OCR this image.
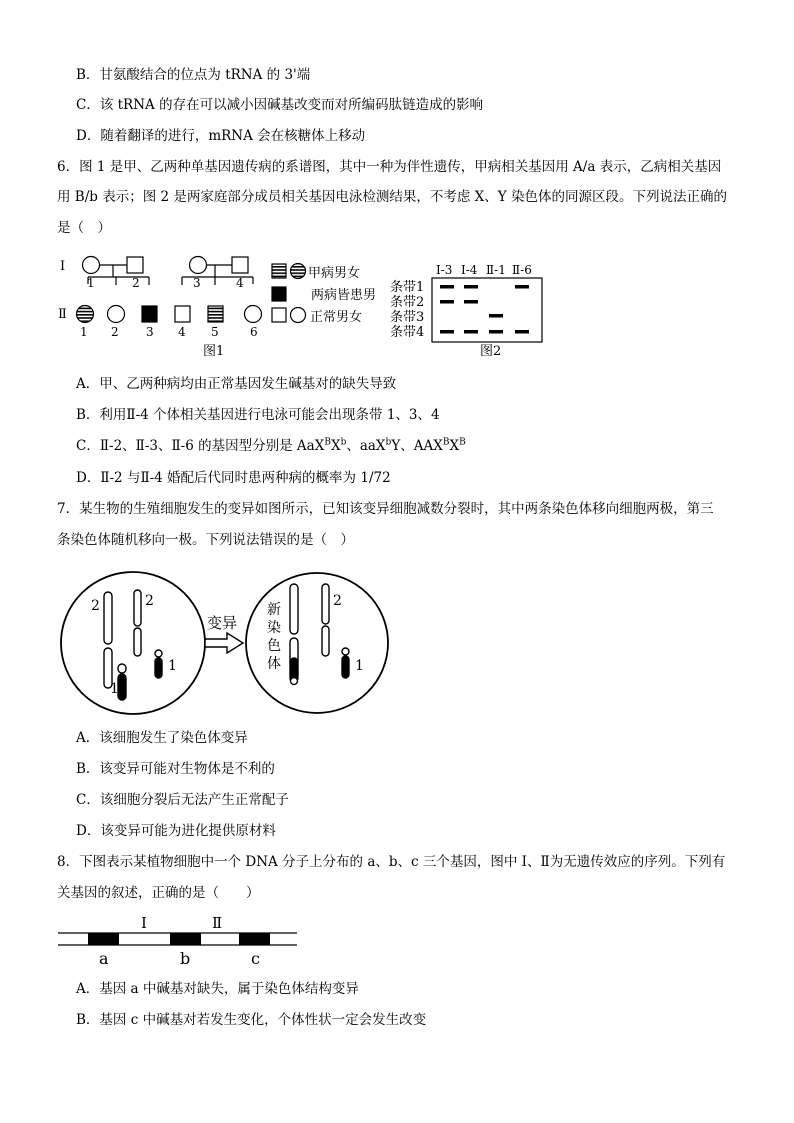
B．甘氨酸结合的位点为 tRNA 的 3'端
C．该 tRNA 的存在可以减小因碱基改变而对所编码肽链造成的影响
D．随着翻译的进行，mRNA 会在核糖体上移动
6．图 1 是甲、乙两种单基因遗传病的系谱图，其中一种为伴性遗传，甲病相关基因用 A/a 表示，乙病相关基因
用 B/b 表示；图 2 是两家庭部分成员相关基因电泳检测结果，不考虑 X、Y 染色体的同源区段。下列说法正确的
是（　）
I
1	2	3	4
Ⅱ
1 2 3 4 5	6
图1
甲病男女
两病皆患男
正常男女
I-3 I-4 Ⅱ-1 Ⅱ-6
条带1
条带2
条带3
条带4
图2
A．甲、乙两种病均由正常基因发生碱基对的缺失导致
B．利用Ⅱ-4 个体相关基因进行电泳可能会出现条带 1、3、4
C．Ⅱ-2、Ⅱ-3、Ⅱ-6 的基因型分别是 $AaX^BX^b$、aaX$^b$Y、$AAX^BX^B$
D．Ⅱ-2 与Ⅱ-4 婚配后代同时患两种病的概率为 1/72
7．某生物的生殖细胞发生的变异如图所示，已知该变异细胞减数分裂时，其中两条染色体移向细胞两极，第三
条染色体随机移向一极。下列说法错误的是（　）
2	2
1
1
变异
新
染
色
体
2
1
A．该细胞发生了染色体变异
B．该变异可能对生物体是不利的
C．该细胞分裂后无法产生正常配子
D．该变异可能为进化提供原材料
8．下图表示某植物细胞中一个 DNA 分子上分布的 a、b、c 三个基因，图中 I、Ⅱ为无遗传效应的序列。下列有
关基因的叙述，正确的是（　　）
I	Ⅱ
a	b	c
A．基因 a 中碱基对缺失，属于染色体结构变异
B．基因 c 中碱基对若发生变化，个体性状一定会发生改变
